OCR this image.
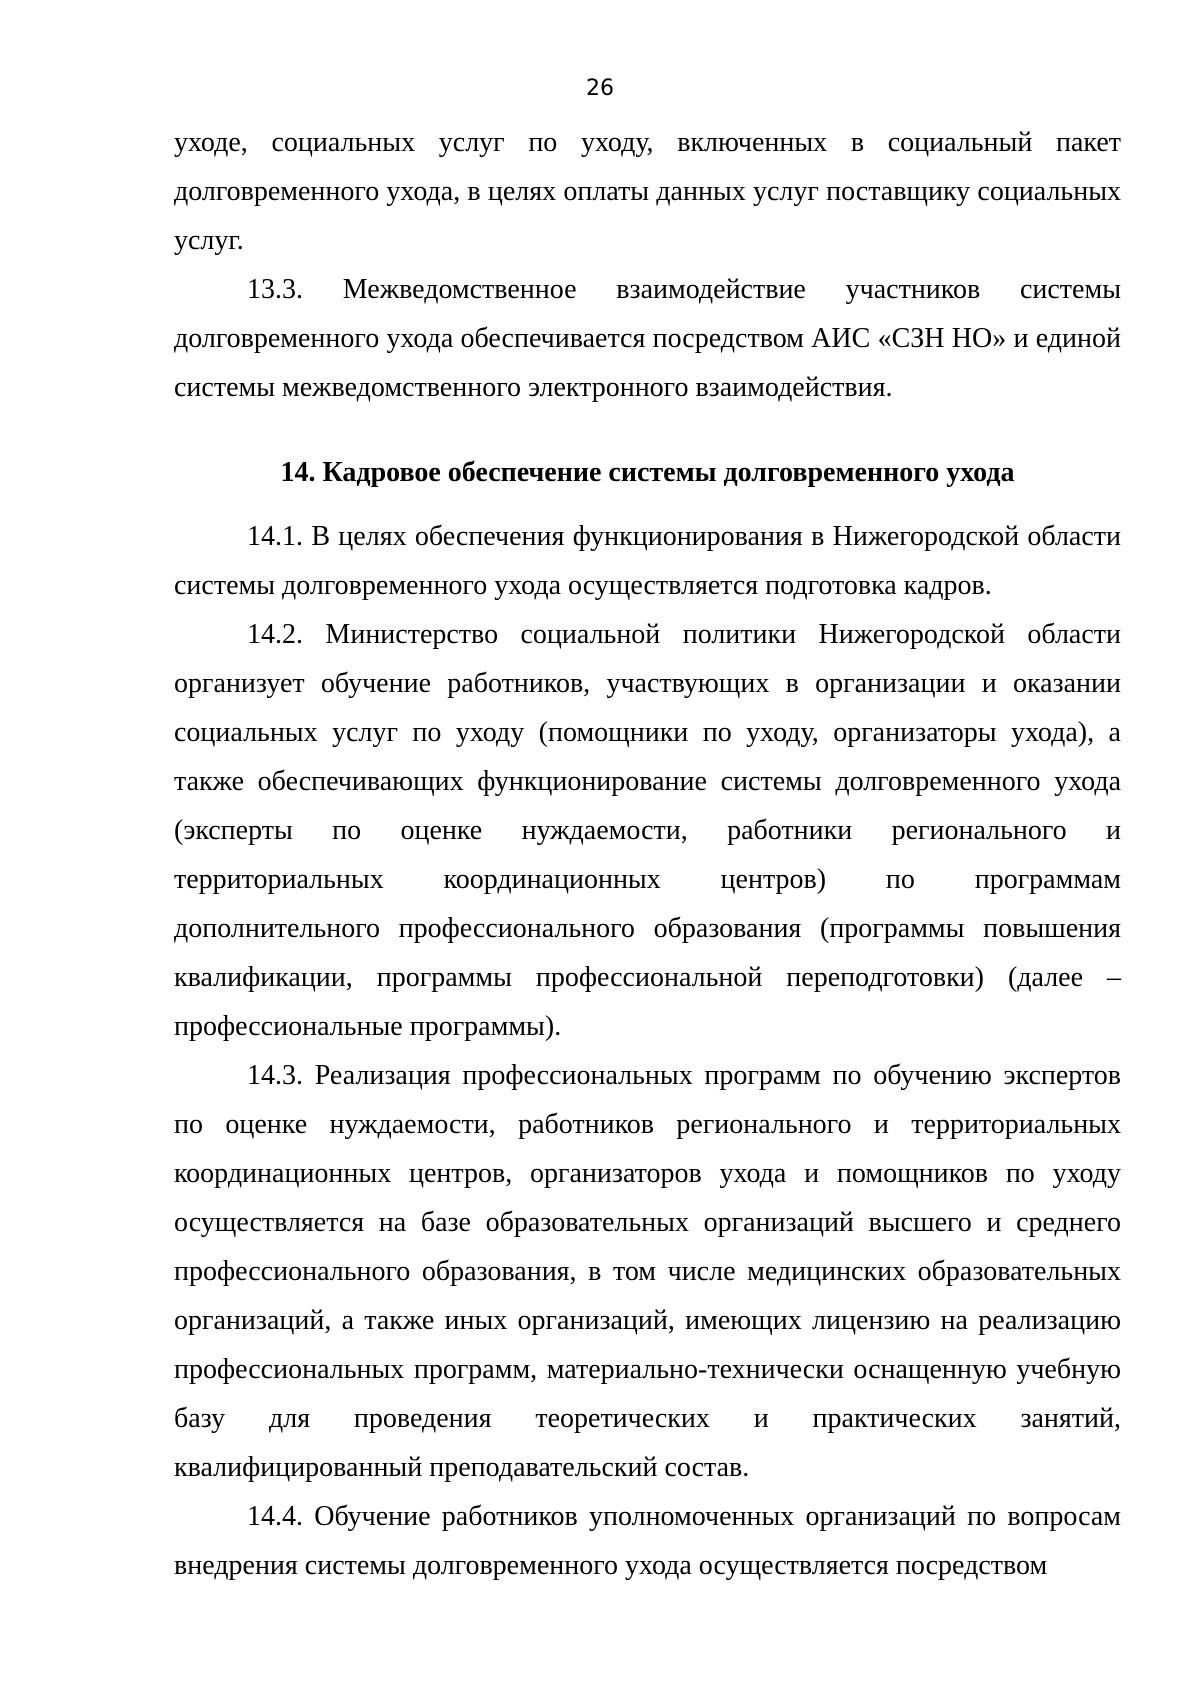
26

уходе, социальных услуг по уходу, включенных в социальный пакет долговременного ухода, в целях оплаты данных услуг поставщику социальных услуг.

13.3. Межведомственное взаимодействие участников системы долговременного ухода обеспечивается посредством АИС «СЗН НО» и единой системы межведомственного электронного взаимодействия.

14. Кадровое обеспечение системы долговременного ухода

14.1. В целях обеспечения функционирования в Нижегородской области системы долговременного ухода осуществляется подготовка кадров.

14.2. Министерство социальной политики Нижегородской области организует обучение работников, участвующих в организации и оказании социальных услуг по уходу (помощники по уходу, организаторы ухода), а также обеспечивающих функционирование системы долговременного ухода (эксперты по оценке нуждаемости, работники регионального и территориальных координационных центров) по программам дополнительного профессионального образования (программы повышения квалификации, программы профессиональной переподготовки) (далее – профессиональные программы).

14.3. Реализация профессиональных программ по обучению экспертов по оценке нуждаемости, работников регионального и территориальных координационных центров, организаторов ухода и помощников по уходу осуществляется на базе образовательных организаций высшего и среднего профессионального образования, в том числе медицинских образовательных организаций, а также иных организаций, имеющих лицензию на реализацию профессиональных программ, материально-технически оснащенную учебную базу для проведения теоретических и практических занятий, квалифицированный преподавательский состав.

14.4. Обучение работников уполномоченных организаций по вопросам внедрения системы долговременного ухода осуществляется посредством
